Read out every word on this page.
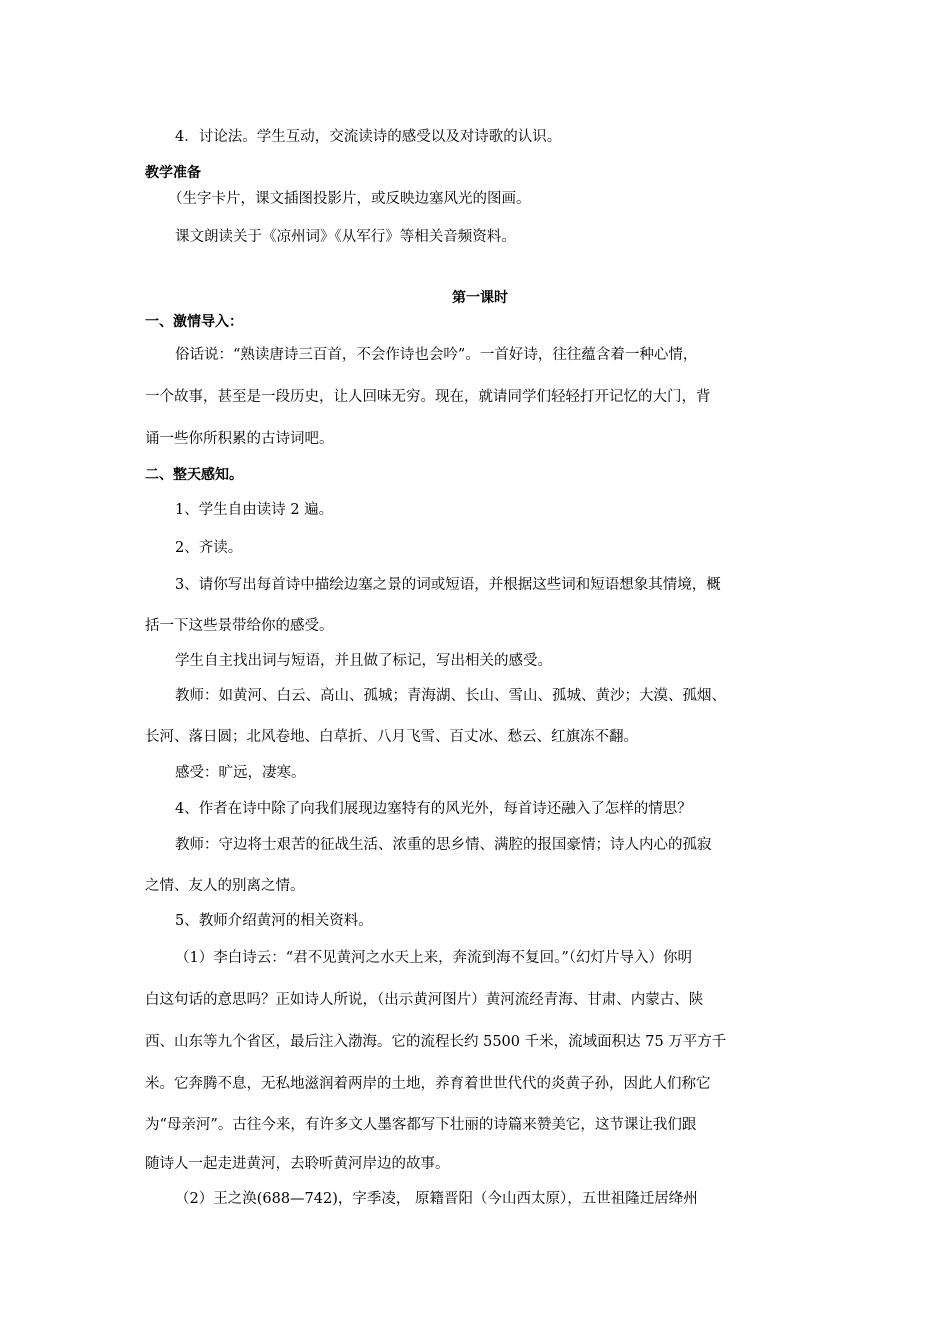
4．讨论法。学生互动，交流读诗的感受以及对诗歌的认识。
教学准备
（生字卡片，课文插图投影片，或反映边塞风光的图画。
课文朗读关于《凉州词》《从军行》等相关音频资料。
第一课时
一、激情导入：
俗话说：“熟读唐诗三百首，不会作诗也会吟”。一首好诗，往往蕴含着一种心情，
一个故事，甚至是一段历史，让人回味无穷。现在，就请同学们轻轻打开记忆的大门，背
诵一些你所积累的古诗词吧。
二、整天感知。
1、学生自由读诗 2 遍。
2、齐读。
3、请你写出每首诗中描绘边塞之景的词或短语，并根据这些词和短语想象其情境，概
括一下这些景带给你的感受。
学生自主找出词与短语，并且做了标记，写出相关的感受。
教师：如黄河、白云、高山、孤城；青海湖、长山、雪山、孤城、黄沙；大漠、孤烟、
长河、落日圆；北风卷地、白草折、八月飞雪、百丈冰、愁云、红旗冻不翻。
感受：旷远，凄寒。
4、作者在诗中除了向我们展现边塞特有的风光外，每首诗还融入了怎样的情思？
教师：守边将士艰苦的征战生活、浓重的思乡情、满腔的报国豪情；诗人内心的孤寂
之情、友人的别离之情。
5、教师介绍黄河的相关资料。
（1）李白诗云：“君不见黄河之水天上来，奔流到海不复回。”（幻灯片导入）你明
白这句话的意思吗？正如诗人所说，（出示黄河图片）黄河流经青海、甘肃、内蒙古、陕
西、山东等九个省区，最后注入渤海。它的流程长约 5500 千米，流域面积达 75 万平方千
米。它奔腾不息，无私地滋润着两岸的土地，养育着世世代代的炎黄子孙，因此人们称它
为“母亲河”。古往今来，有许多文人墨客都写下壮丽的诗篇来赞美它，这节课让我们跟
随诗人一起走进黄河，去聆听黄河岸边的故事。
（2）王之涣(688—742)，字季凌， 原籍晋阳（今山西太原），五世祖隆迁居绛州
